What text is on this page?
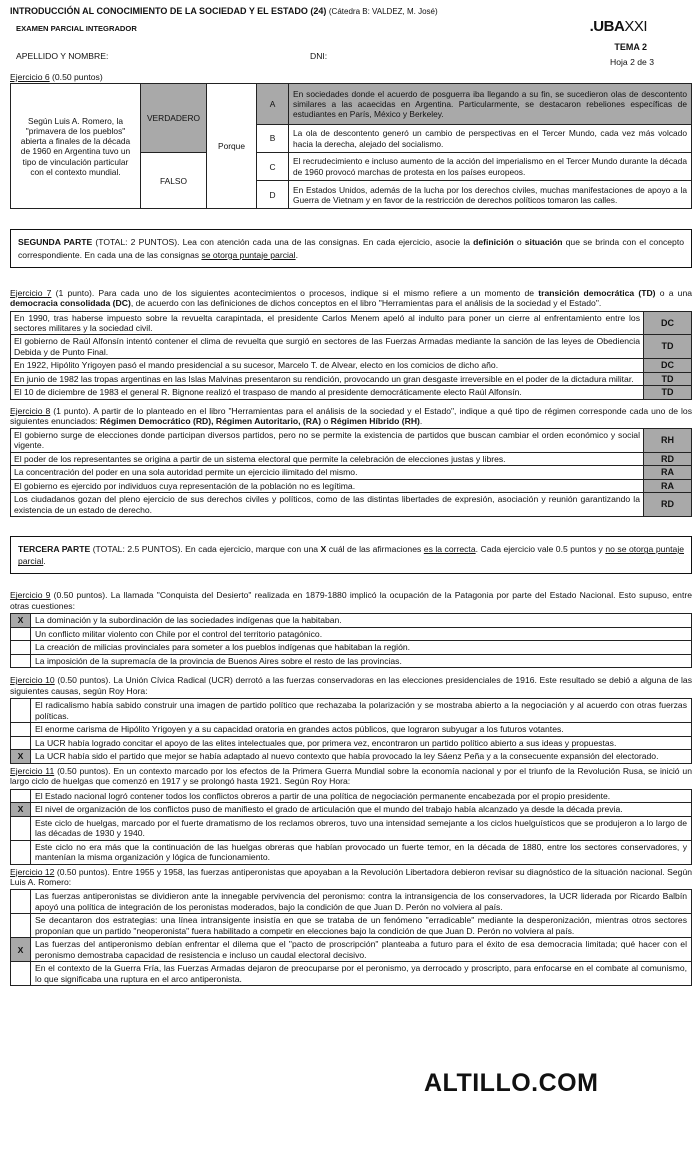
INTRODUCCIÓN AL CONOCIMIENTO DE LA SOCIEDAD Y EL ESTADO (24) (Cátedra B: VALDEZ, M. José)
EXAMEN PARCIAL INTEGRADOR
APELLIDO Y NOMBRE:	DNI:
.UBAXXI
TEMA 2
Hoja 2 de 3
Ejercicio 6 (0.50 puntos)
Según Luis A. Romero, la "primavera de los pueblos" abierta a finales de la década de 1960 en Argentina tuvo un tipo de vinculación particular con el contexto mundial.	VERDADERO	Porque	A	En sociedades donde el acuerdo de posguerra iba llegando a su fin, se sucedieron olas de descontento similares a las acaecidas en Argentina. Particularmente, se destacaron rebeliones específicas de estudiantes en París, México y Berkeley.
			B	La ola de descontento generó un cambio de perspectivas en el Tercer Mundo, cada vez más volcado hacia la derecha, alejado del socialismo.
	FALSO		C	El recrudecimiento e incluso aumento de la acción del imperialismo en el Tercer Mundo durante la década de 1960 provocó marchas de protesta en los países europeos.
			D	En Estados Unidos, además de la lucha por los derechos civiles, muchas manifestaciones de apoyo a la Guerra de Vietnam y en favor de la restricción de derechos políticos tomaron las calles.
SEGUNDA PARTE (TOTAL: 2 PUNTOS). Lea con atención cada una de las consignas. En cada ejercicio, asocie la definición o situación que se brinda con el concepto correspondiente. En cada una de las consignas se otorga puntaje parcial.
Ejercicio 7 (1 punto). Para cada uno de los siguientes acontecimientos o procesos, indique si el mismo refiere a un momento de transición democrática (TD) o a una democracia consolidada (DC), de acuerdo con las definiciones de dichos conceptos en el libro "Herramientas para el análisis de la sociedad y el Estado".
En 1990, tras haberse impuesto sobre la revuelta carapintada, el presidente Carlos Menem apeló al indulto para poner un cierre al enfrentamiento entre los sectores militares y la sociedad civil.	DC
El gobierno de Raúl Alfonsín intentó contener el clima de revuelta que surgió en sectores de las Fuerzas Armadas mediante la sanción de las leyes de Obediencia Debida y de Punto Final.	TD
En 1922, Hipólito Yrigoyen pasó el mando presidencial a su sucesor, Marcelo T. de Alvear, electo en los comicios de dicho año.	DC
En junio de 1982 las tropas argentinas en las Islas Malvinas presentaron su rendición, provocando un gran desgaste irreversible en el poder de la dictadura militar.	TD
El 10 de diciembre de 1983 el general R. Bignone realizó el traspaso de mando al presidente democráticamente electo Raúl Alfonsín.	TD
Ejercicio 8 (1 punto). A partir de lo planteado en el libro "Herramientas para el análisis de la sociedad y el Estado", indique a qué tipo de régimen corresponde cada uno de los siguientes enunciados: Régimen Democrático (RD), Régimen Autoritario, (RA) o Régimen Híbrido (RH).
El gobierno surge de elecciones donde participan diversos partidos, pero no se permite la existencia de partidos que buscan cambiar el orden económico y social vigente.	RH
El poder de los representantes se origina a partir de un sistema electoral que permite la celebración de elecciones justas y libres.	RD
La concentración del poder en una sola autoridad permite un ejercicio ilimitado del mismo.	RA
El gobierno es ejercido por individuos cuya representación de la población no es legítima.	RA
Los ciudadanos gozan del pleno ejercicio de sus derechos civiles y políticos, como de las distintas libertades de expresión, asociación y reunión garantizando la existencia de un estado de derecho.	RD
TERCERA PARTE (TOTAL: 2.5 PUNTOS). En cada ejercicio, marque con una X cuál de las afirmaciones es la correcta. Cada ejercicio vale 0.5 puntos y no se otorga puntaje parcial.
Ejercicio 9 (0.50 puntos). La llamada "Conquista del Desierto" realizada en 1879-1880 implicó la ocupación de la Patagonia por parte del Estado Nacional. Esto supuso, entre otras cuestiones:
X	La dominación y la subordinación de las sociedades indígenas que la habitaban.
	Un conflicto militar violento con Chile por el control del territorio patagónico.
	La creación de milicias provinciales para someter a los pueblos indígenas que habitaban la región.
	La imposición de la supremacía de la provincia de Buenos Aires sobre el resto de las provincias.
Ejercicio 10 (0.50 puntos). La Unión Cívica Radical (UCR) derrotó a las fuerzas conservadoras en las elecciones presidenciales de 1916. Este resultado se debió a alguna de las siguientes causas, según Roy Hora:
	El radicalismo había sabido construir una imagen de partido político que rechazaba la polarización y se mostraba abierto a la negociación y al acuerdo con otras fuerzas políticas.
	El enorme carisma de Hipólito Yrigoyen y a su capacidad oratoria en grandes actos públicos, que lograron subyugar a los futuros votantes.
	La UCR había logrado concitar el apoyo de las elites intelectuales que, por primera vez, encontraron un partido político abierto a sus ideas y propuestas.
X	La UCR había sido el partido que mejor se había adaptado al nuevo contexto que había provocado la ley Sáenz Peña y a la consecuente expansión del electorado.
Ejercicio 11 (0.50 puntos). En un contexto marcado por los efectos de la Primera Guerra Mundial sobre la economía nacional y por el triunfo de la Revolución Rusa, se inició un largo ciclo de huelgas que comenzó en 1917 y se prolongó hasta 1921. Según Roy Hora:
	El Estado nacional logró contener todos los conflictos obreros a partir de una política de negociación permanente encabezada por el propio presidente.
X	El nivel de organización de los conflictos puso de manifiesto el grado de articulación que el mundo del trabajo había alcanzado ya desde la década previa.
	Este ciclo de huelgas, marcado por el fuerte dramatismo de los reclamos obreros, tuvo una intensidad semejante a los ciclos huelguísticos que se produjeron a lo largo de las décadas de 1930 y 1940.
	Este ciclo no era más que la continuación de las huelgas obreras que habían provocado un fuerte temor, en la década de 1880, entre los sectores conservadores, y mantenían la misma organización y lógica de funcionamiento.
Ejercicio 12 (0.50 puntos). Entre 1955 y 1958, las fuerzas antiperonistas que apoyaban a la Revolución Libertadora debieron revisar su diagnóstico de la situación nacional. Según Luis A. Romero:
	Las fuerzas antiperonistas se dividieron ante la innegable pervivencia del peronismo: contra la intransigencia de los conservadores, la UCR liderada por Ricardo Balbín apoyó una política de integración de los peronistas moderados, bajo la condición de que Juan D. Perón no volviera al país.
	Se decantaron dos estrategias: una línea intransigente insistía en que se trataba de un fenómeno "erradicable" mediante la desperonización, mientras otros sectores proponían que un partido "neoperonista" fuera habilitado a competir en elecciones bajo la condición de que Juan D. Perón no volviera al país.
X	Las fuerzas del antiperonismo debían enfrentar el dilema que el "pacto de proscripción" planteaba a futuro para el éxito de esa democracia limitada; qué hacer con el peronismo demostraba capacidad de resistencia e incluso un caudal electoral decisivo.
	En el contexto de la Guerra Fría, las Fuerzas Armadas dejaron de preocuparse por el peronismo, ya derrocado y proscripto, para enfocarse en el combate al comunismo, lo que significaba una ruptura en el arco antiperonista.
ALTILLO.COM
